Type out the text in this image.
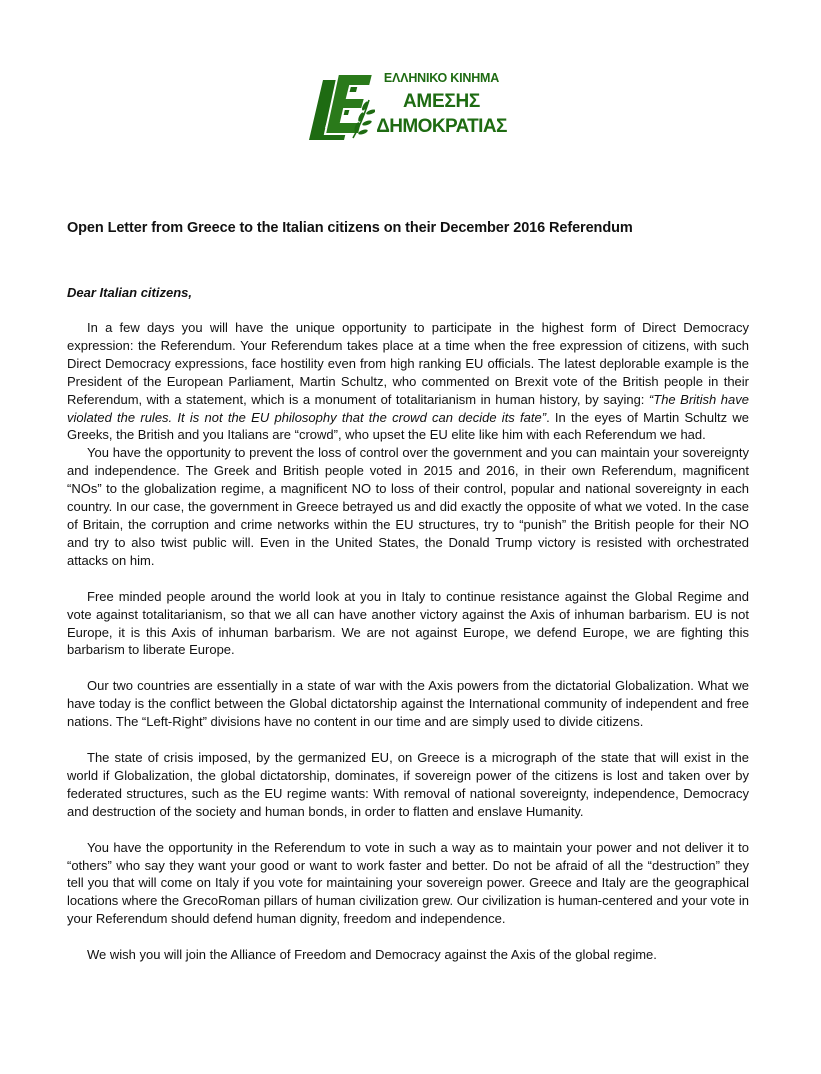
ΕΛΛΗΝΙΚΟ ΚΙΝΗΜΑ
ΑΜΕΣΗΣ
ΔΗΜΟΚΡΑΤΙΑΣ
Open Letter from Greece to the Italian citizens on their December 2016 Referendum
Dear Italian citizens,

In a few days you will have the unique opportunity to participate in the highest form of Direct Democracy expression: the Referendum. Your Referendum takes place at a time when the free expression of citizens, with such Direct Democracy expressions, face hostility even from high ranking EU officials. The latest deplorable example is the President of the European Parliament, Martin Schultz, who commented on Brexit vote of the British people in their Referendum, with a statement, which is a monument of totalitarianism in human history, by saying: “The British have violated the rules. It is not the EU philosophy that the crowd can decide its fate”. In the eyes of Martin Schultz we Greeks, the British and you Italians are “crowd”, who upset the EU elite like him with each Referendum we had.

You have the opportunity to prevent the loss of control over the government and you can maintain your sovereignty and independence. The Greek and British people voted in 2015 and 2016, in their own Referendum, magnificent “NOs” to the globalization regime, a magnificent NO to loss of their control, popular and national sovereignty in each country. In our case, the government in Greece betrayed us and did exactly the opposite of what we voted. In the case of Britain, the corruption and crime networks within the EU structures, try to “punish” the British people for their NO and try to also twist public will. Even in the United States, the Donald Trump victory is resisted with orchestrated attacks on him.

Free minded people around the world look at you in Italy to continue resistance against the Global Regime and vote against totalitarianism, so that we all can have another victory against the Axis of inhuman barbarism. EU is not Europe, it is this Axis of inhuman barbarism. We are not against Europe, we defend Europe, we are fighting this barbarism to liberate Europe.

Our two countries are essentially in a state of war with the Axis powers from the dictatorial Globalization. What we have today is the conflict between the Global dictatorship against the International community of independent and free nations. The “Left-Right” divisions have no content in our time and are simply used to divide citizens.

The state of crisis imposed, by the germanized EU, on Greece is a micrograph of the state that will exist in the world if Globalization, the global dictatorship, dominates, if sovereign power of the citizens is lost and taken over by federated structures, such as the EU regime wants: With removal of national sovereignty, independence, Democracy and destruction of the society and human bonds, in order to flatten and enslave Humanity.

You have the opportunity in the Referendum to vote in such a way as to maintain your power and not deliver it to “others” who say they want your good or want to work faster and better. Do not be afraid of all the “destruction” they tell you that will come on Italy if you vote for maintaining your sovereign power. Greece and Italy are the geographical locations where the GrecoRoman pillars of human civilization grew. Our civilization is human-centered and your vote in your Referendum should defend human dignity, freedom and independence.

We wish you will join the Alliance of Freedom and Democracy against the Axis of the global regime.
